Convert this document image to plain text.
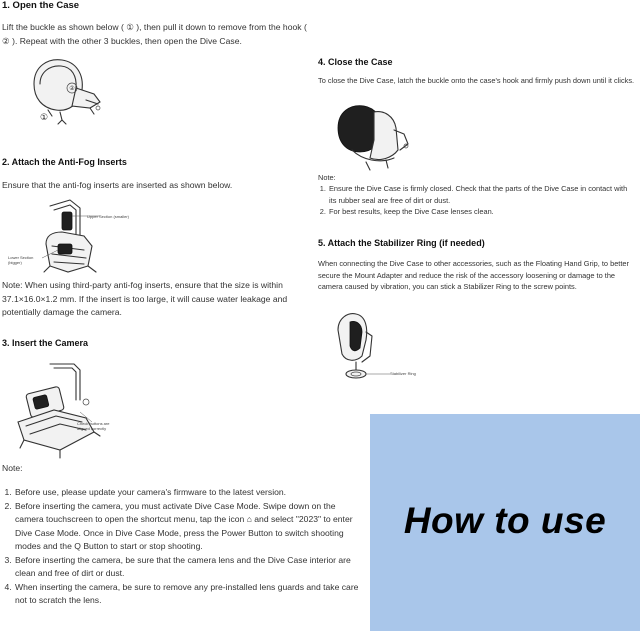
1. Open the Case
Lift the buckle as shown below ( ① ), then pull it down to remove from the hook ( ② ). Repeat with the other 3 buckles, then open the Dive Case.
②
①
2. Attach the Anti-Fog Inserts
Ensure that the anti-fog inserts are inserted as shown below.
Upper Section (smaller)
Lower Section (bigger)
Note: When using third-party anti-fog inserts, ensure that the size is within 37.1×16.0×1.2 mm. If the insert is too large, it will cause water leakage and potentially damage the camera.
3. Insert the Camera
Check buttons are aligned correctly
Note:
1. Before use, please update your camera's firmware to the latest version.
2. Before inserting the camera, you must activate Dive Case Mode. Swipe down on the camera touchscreen to open the shortcut menu, tap the icon ⌂ and select "2023" to enter Dive Case Mode. Once in Dive Case Mode, press the Power Button to switch shooting modes and the Q Button to start or stop shooting.
3. Before inserting the camera, be sure that the camera lens and the Dive Case interior are clean and free of dirt or dust.
4. When inserting the camera, be sure to remove any pre-installed lens guards and take care not to scratch the lens.
4. Close the Case
To close the Dive Case, latch the buckle onto the case's hook and firmly push down until it clicks.
Note:
1. Ensure the Dive Case is firmly closed. Check that the parts of the Dive Case in contact with its rubber seal are free of dirt or dust.
2. For best results, keep the Dive Case lenses clean.
5. Attach the Stabilizer Ring (if needed)
When connecting the Dive Case to other accessories, such as the Floating Hand Grip, to better secure the Mount Adapter and reduce the risk of the accessory loosening or damage to the camera caused by vibration, you can stick a Stabilizer Ring to the screw points.
Stabilizer Ring
How to use
